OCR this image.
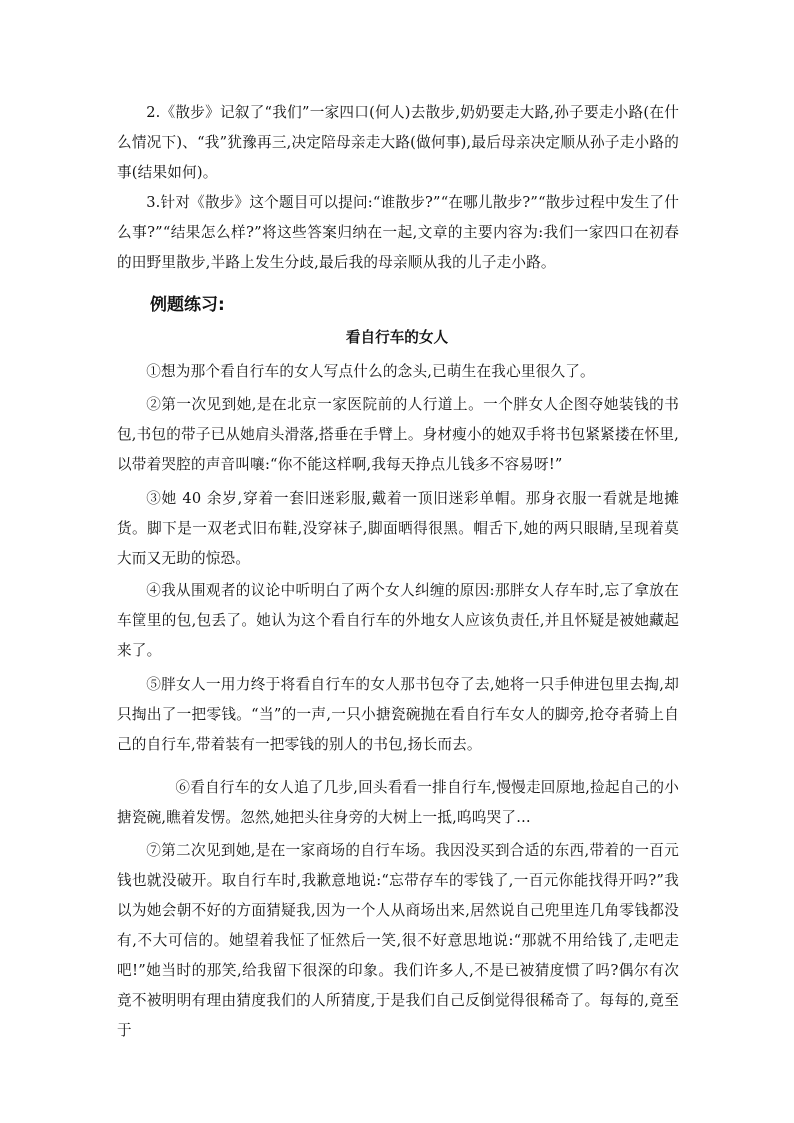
2.《散步》记叙了“我们”一家四口(何人)去散步,奶奶要走大路,孙子要走小路(在什么情况下)、“我”犹豫再三,决定陪母亲走大路(做何事),最后母亲决定顺从孙子走小路的事(结果如何)。

3.针对《散步》这个题目可以提问:“谁散步?”“在哪儿散步?”“散步过程中发生了什么事?”“结果怎么样?”将这些答案归纳在一起,文章的主要内容为:我们一家四口在初春的田野里散步,半路上发生分歧,最后我的母亲顺从我的儿子走小路。

例题练习:

看自行车的女人

①想为那个看自行车的女人写点什么的念头,已萌生在我心里很久了。

②第一次见到她,是在北京一家医院前的人行道上。一个胖女人企图夺她装钱的书包,书包的带子已从她肩头滑落,搭垂在手臂上。身材瘦小的她双手将书包紧紧搂在怀里,以带着哭腔的声音叫嚷:“你不能这样啊,我每天挣点儿钱多不容易呀!”

③她 40 余岁,穿着一套旧迷彩服,戴着一顶旧迷彩单帽。那身衣服一看就是地摊货。脚下是一双老式旧布鞋,没穿袜子,脚面晒得很黑。帽舌下,她的两只眼睛,呈现着莫大而又无助的惊恐。

④我从围观者的议论中听明白了两个女人纠缠的原因:那胖女人存车时,忘了拿放在车筐里的包,包丢了。她认为这个看自行车的外地女人应该负责任,并且怀疑是被她藏起来了。

⑤胖女人一用力终于将看自行车的女人那书包夺了去,她将一只手伸进包里去掏,却只掏出了一把零钱。“当”的一声,一只小搪瓷碗抛在看自行车女人的脚旁,抢夺者骑上自己的自行车,带着装有一把零钱的别人的书包,扬长而去。

⑥看自行车的女人追了几步,回头看看一排自行车,慢慢走回原地,捡起自己的小搪瓷碗,瞧着发愣。忽然,她把头往身旁的大树上一抵,呜呜哭了…

⑦第二次见到她,是在一家商场的自行车场。我因没买到合适的东西,带着的一百元钱也就没破开。取自行车时,我歉意地说:“忘带存车的零钱了,一百元你能找得开吗?”我以为她会朝不好的方面猜疑我,因为一个人从商场出来,居然说自己兜里连几角零钱都没有,不大可信的。她望着我怔了怔然后一笑,很不好意思地说:“那就不用给钱了,走吧走吧!”她当时的那笑,给我留下很深的印象。我们许多人,不是已被猜度惯了吗?偶尔有次竟不被明明有理由猜度我们的人所猜度,于是我们自己反倒觉得很稀奇了。每每的,竟至于
